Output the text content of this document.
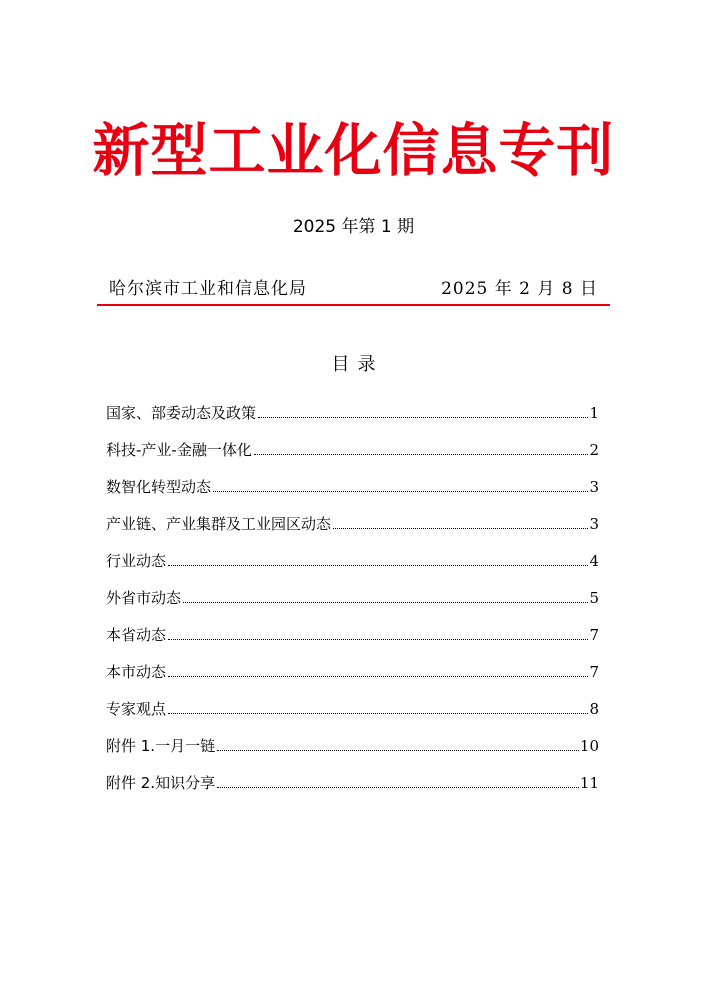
新型工业化信息专刊
2025 年第 1 期
哈尔滨市工业和信息化局	2025 年 2 月 8 日
目录
国家、部委动态及政策	1
科技-产业-金融一体化	2
数智化转型动态	3
产业链、产业集群及工业园区动态	3
行业动态	4
外省市动态	5
本省动态	7
本市动态	7
专家观点	8
附件 1.一月一链	10
附件 2.知识分享	11
